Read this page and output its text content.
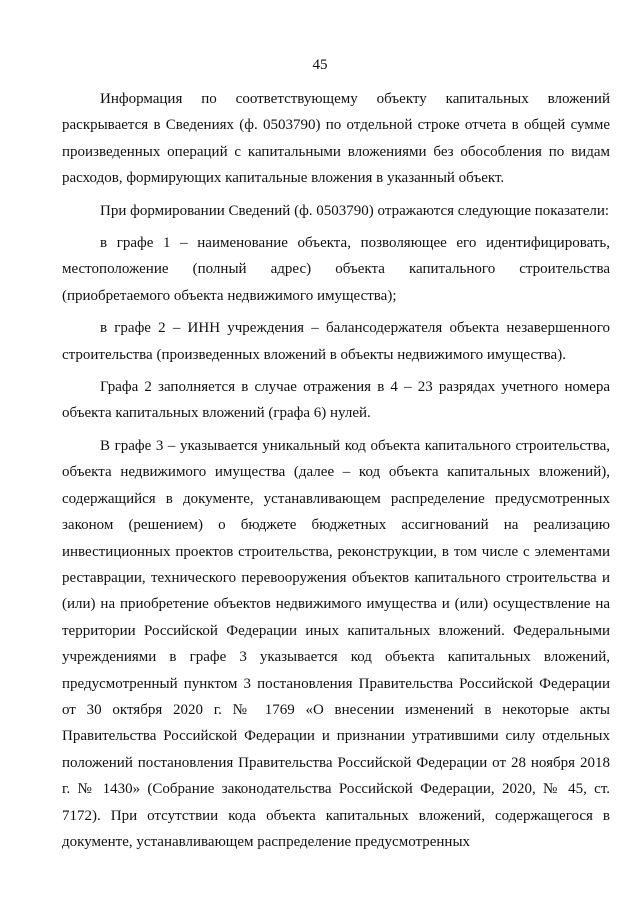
45

Информация по соответствующему объекту капитальных вложений раскрывается в Сведениях (ф. 0503790) по отдельной строке отчета в общей сумме произведенных операций с капитальными вложениями без обособления по видам расходов, формирующих капитальные вложения в указанный объект.

При формировании Сведений (ф. 0503790) отражаются следующие показатели:

в графе 1 – наименование объекта, позволяющее его идентифицировать, местоположение (полный адрес) объекта капитального строительства (приобретаемого объекта недвижимого имущества);

в графе 2 – ИНН учреждения – балансодержателя объекта незавершенного строительства (произведенных вложений в объекты недвижимого имущества).

Графа 2 заполняется в случае отражения в 4 – 23 разрядах учетного номера объекта капитальных вложений (графа 6) нулей.

В графе 3 – указывается уникальный код объекта капитального строительства, объекта недвижимого имущества (далее – код объекта капитальных вложений), содержащийся в документе, устанавливающем распределение предусмотренных законом (решением) о бюджете бюджетных ассигнований на реализацию инвестиционных проектов строительства, реконструкции, в том числе с элементами реставрации, технического перевооружения объектов капитального строительства и (или) на приобретение объектов недвижимого имущества и (или) осуществление на территории Российской Федерации иных капитальных вложений. Федеральными учреждениями в графе 3 указывается код объекта капитальных вложений, предусмотренный пунктом 3 постановления Правительства Российской Федерации от 30 октября 2020 г. № 1769 «О внесении изменений в некоторые акты Правительства Российской Федерации и признании утратившими силу отдельных положений постановления Правительства Российской Федерации от 28 ноября 2018 г. № 1430» (Собрание законодательства Российской Федерации, 2020, № 45, ст. 7172). При отсутствии кода объекта капитальных вложений, содержащегося в документе, устанавливающем распределение предусмотренных
